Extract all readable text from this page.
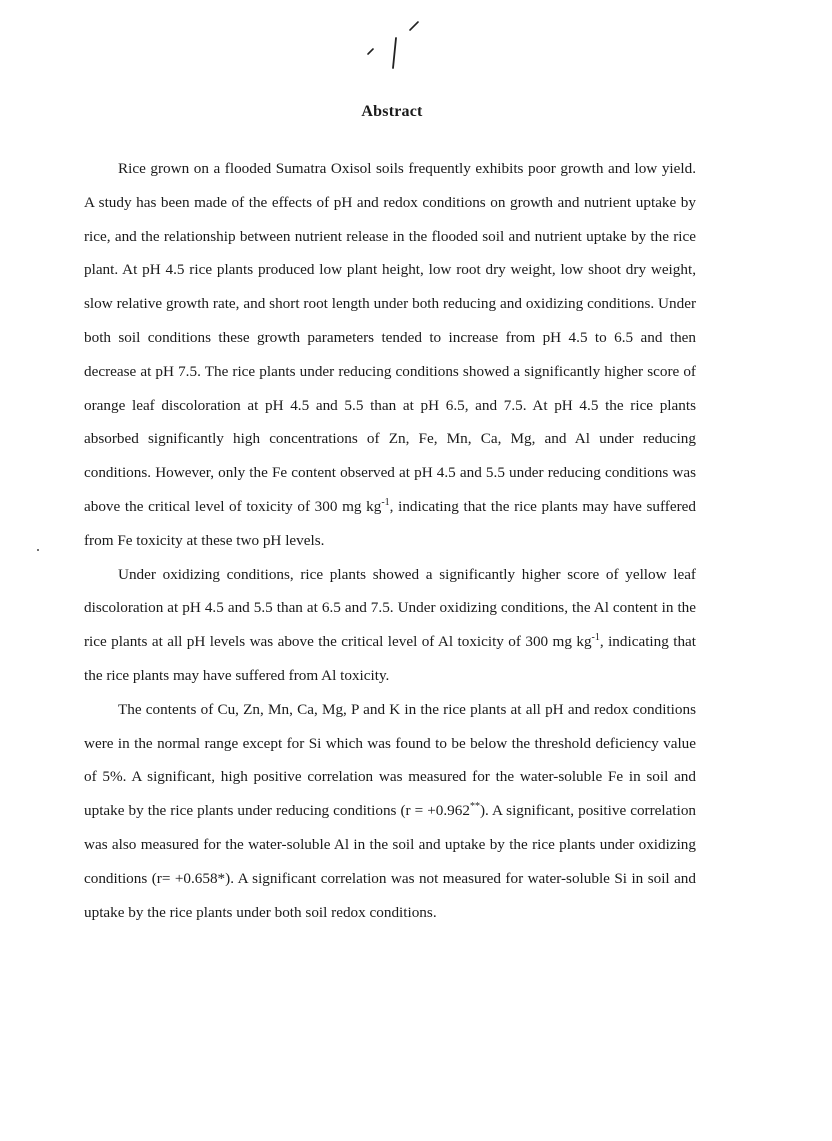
Abstract

Rice grown on a flooded Sumatra Oxisol soils frequently exhibits poor growth and low yield. A study has been made of the effects of pH and redox conditions on growth and nutrient uptake by rice, and the relationship between nutrient release in the flooded soil and nutrient uptake by the rice plant. At pH 4.5 rice plants produced low plant height, low root dry weight, low shoot dry weight, slow relative growth rate, and short root length under both reducing and oxidizing conditions. Under both soil conditions these growth parameters tended to increase from pH 4.5 to 6.5 and then decrease at pH 7.5. The rice plants under reducing conditions showed a significantly higher score of orange leaf discoloration at pH 4.5 and 5.5 than at pH 6.5, and 7.5. At pH 4.5 the rice plants absorbed significantly high concentrations of Zn, Fe, Mn, Ca, Mg, and Al under reducing conditions. However, only the Fe content observed at pH 4.5 and 5.5 under reducing conditions was above the critical level of toxicity of 300 mg $kg^{-1}$, indicating that the rice plants may have suffered from Fe toxicity at these two pH levels.

Under oxidizing conditions, rice plants showed a significantly higher score of yellow leaf discoloration at pH 4.5 and 5.5 than at 6.5 and 7.5. Under oxidizing conditions, the Al content in the rice plants at all pH levels was above the critical level of Al toxicity of 300 mg $kg^{-1}$, indicating that the rice plants may have suffered from Al toxicity.

The contents of Cu, Zn, Mn, Ca, Mg, P and K in the rice plants at all pH and redox conditions were in the normal range except for Si which was found to be below the threshold deficiency value of 5%. A significant, high positive correlation was measured for the water-soluble Fe in soil and uptake by the rice plants under reducing conditions (r = +0.962**). A significant, positive correlation was also measured for the water-soluble Al in the soil and uptake by the rice plants under oxidizing conditions (r= +0.658*). A significant correlation was not measured for water-soluble Si in soil and uptake by the rice plants under both soil redox conditions.
